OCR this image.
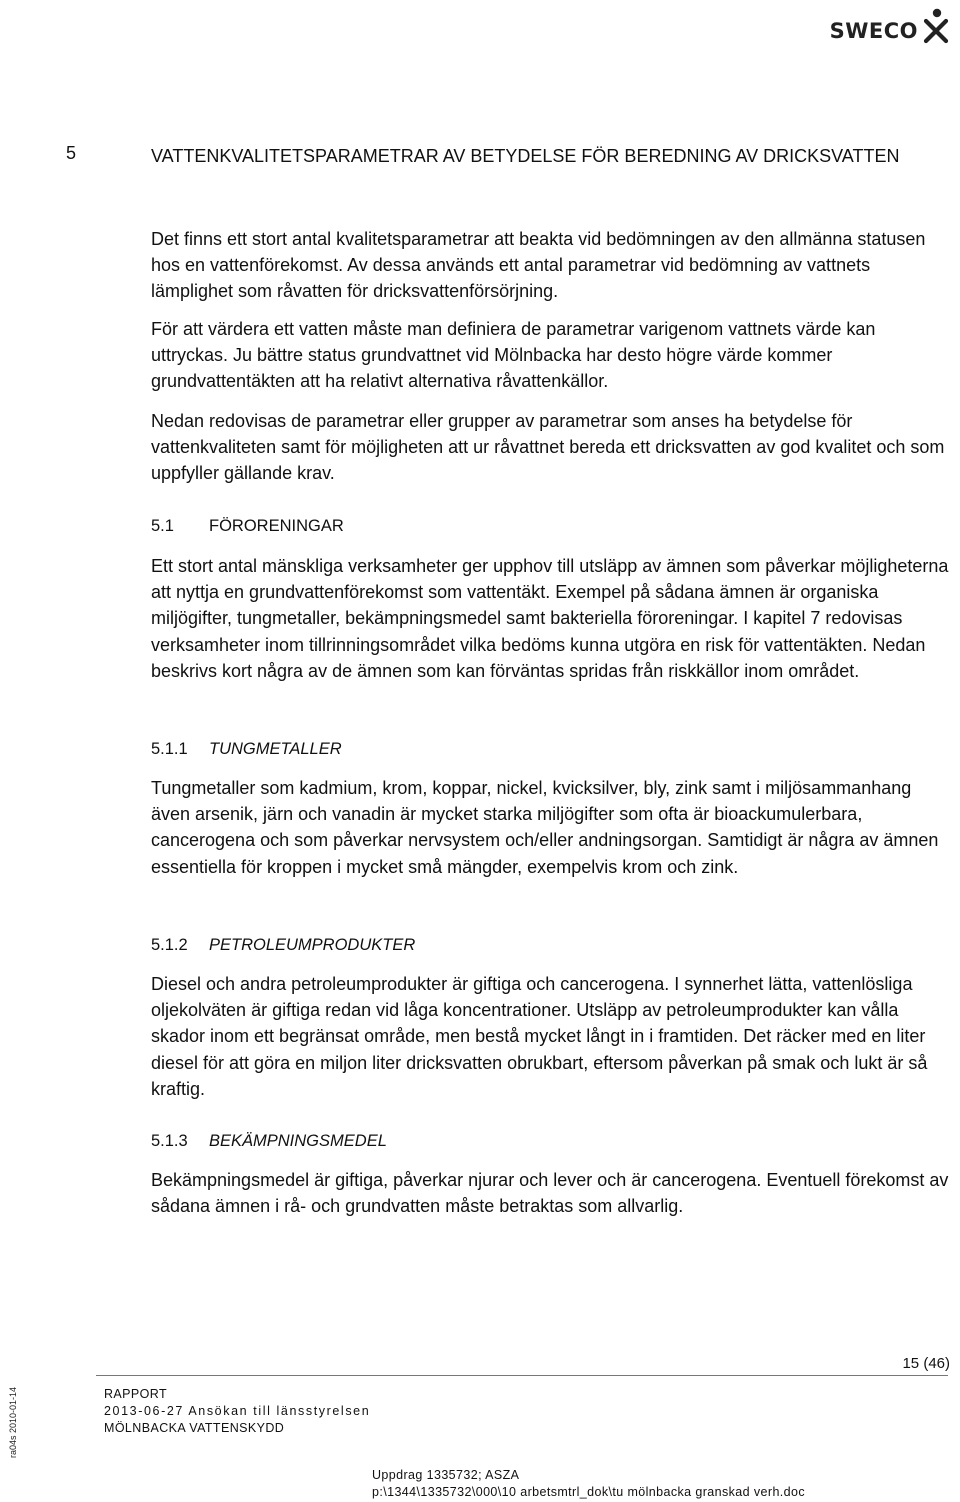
SWECO
5	VATTENKVALITETSPARAMETRAR AV BETYDELSE FÖR BEREDNING AV DRICKSVATTEN

Det finns ett stort antal kvalitetsparametrar att beakta vid bedömningen av den allmänna statusen hos en vattenförekomst. Av dessa används ett antal parametrar vid bedömning av vattnets lämplighet som råvatten för dricksvattenförsörjning.

För att värdera ett vatten måste man definiera de parametrar varigenom vattnets värde kan uttryckas. Ju bättre status grundvattnet vid Mölnbacka har desto högre värde kommer grundvattentäkten att ha relativt alternativa råvattenkällor.

Nedan redovisas de parametrar eller grupper av parametrar som anses ha betydelse för vattenkvaliteten samt för möjligheten att ur råvattnet bereda ett dricksvatten av god kvalitet och som uppfyller gällande krav.

5.1 FÖRORENINGAR

Ett stort antal mänskliga verksamheter ger upphov till utsläpp av ämnen som påverkar möjligheterna att nyttja en grundvattenförekomst som vattentäkt. Exempel på sådana ämnen är organiska miljögifter, tungmetaller, bekämpningsmedel samt bakteriella föroreningar. I kapitel 7 redovisas verksamheter inom tillrinningsområdet vilka bedöms kunna utgöra en risk för vattentäkten. Nedan beskrivs kort några av de ämnen som kan förväntas spridas från riskkällor inom området.

5.1.1 TUNGMETALLER

Tungmetaller som kadmium, krom, koppar, nickel, kvicksilver, bly, zink samt i miljösammanhang även arsenik, järn och vanadin är mycket starka miljögifter som ofta är bioackumulerbara, cancerogena och som påverkar nervsystem och/eller andningsorgan. Samtidigt är några av ämnen essentiella för kroppen i mycket små mängder, exempelvis krom och zink.

5.1.2 PETROLEUMPRODUKTER

Diesel och andra petroleumprodukter är giftiga och cancerogena. I synnerhet lätta, vattenlösliga oljekolväten är giftiga redan vid låga koncentrationer. Utsläpp av petroleumprodukter kan vålla skador inom ett begränsat område, men bestå mycket långt in i framtiden. Det räcker med en liter diesel för att göra en miljon liter dricksvatten obrukbart, eftersom påverkan på smak och lukt är så kraftig.

5.1.3 BEKÄMPNINGSMEDEL

Bekämpningsmedel är giftiga, påverkar njurar och lever och är cancerogena. Eventuell förekomst av sådana ämnen i rå- och grundvatten måste betraktas som allvarlig.

ra04s 2010-01-14
15 (46)
RAPPORT
2013-06-27 Ansökan till länsstyrelsen
MÖLNBACKA VATTENSKYDD
Uppdrag 1335732; ASZA
p:\1344\1335732\000\10 arbetsmtrl_dok\tu mölnbacka granskad verh.doc
